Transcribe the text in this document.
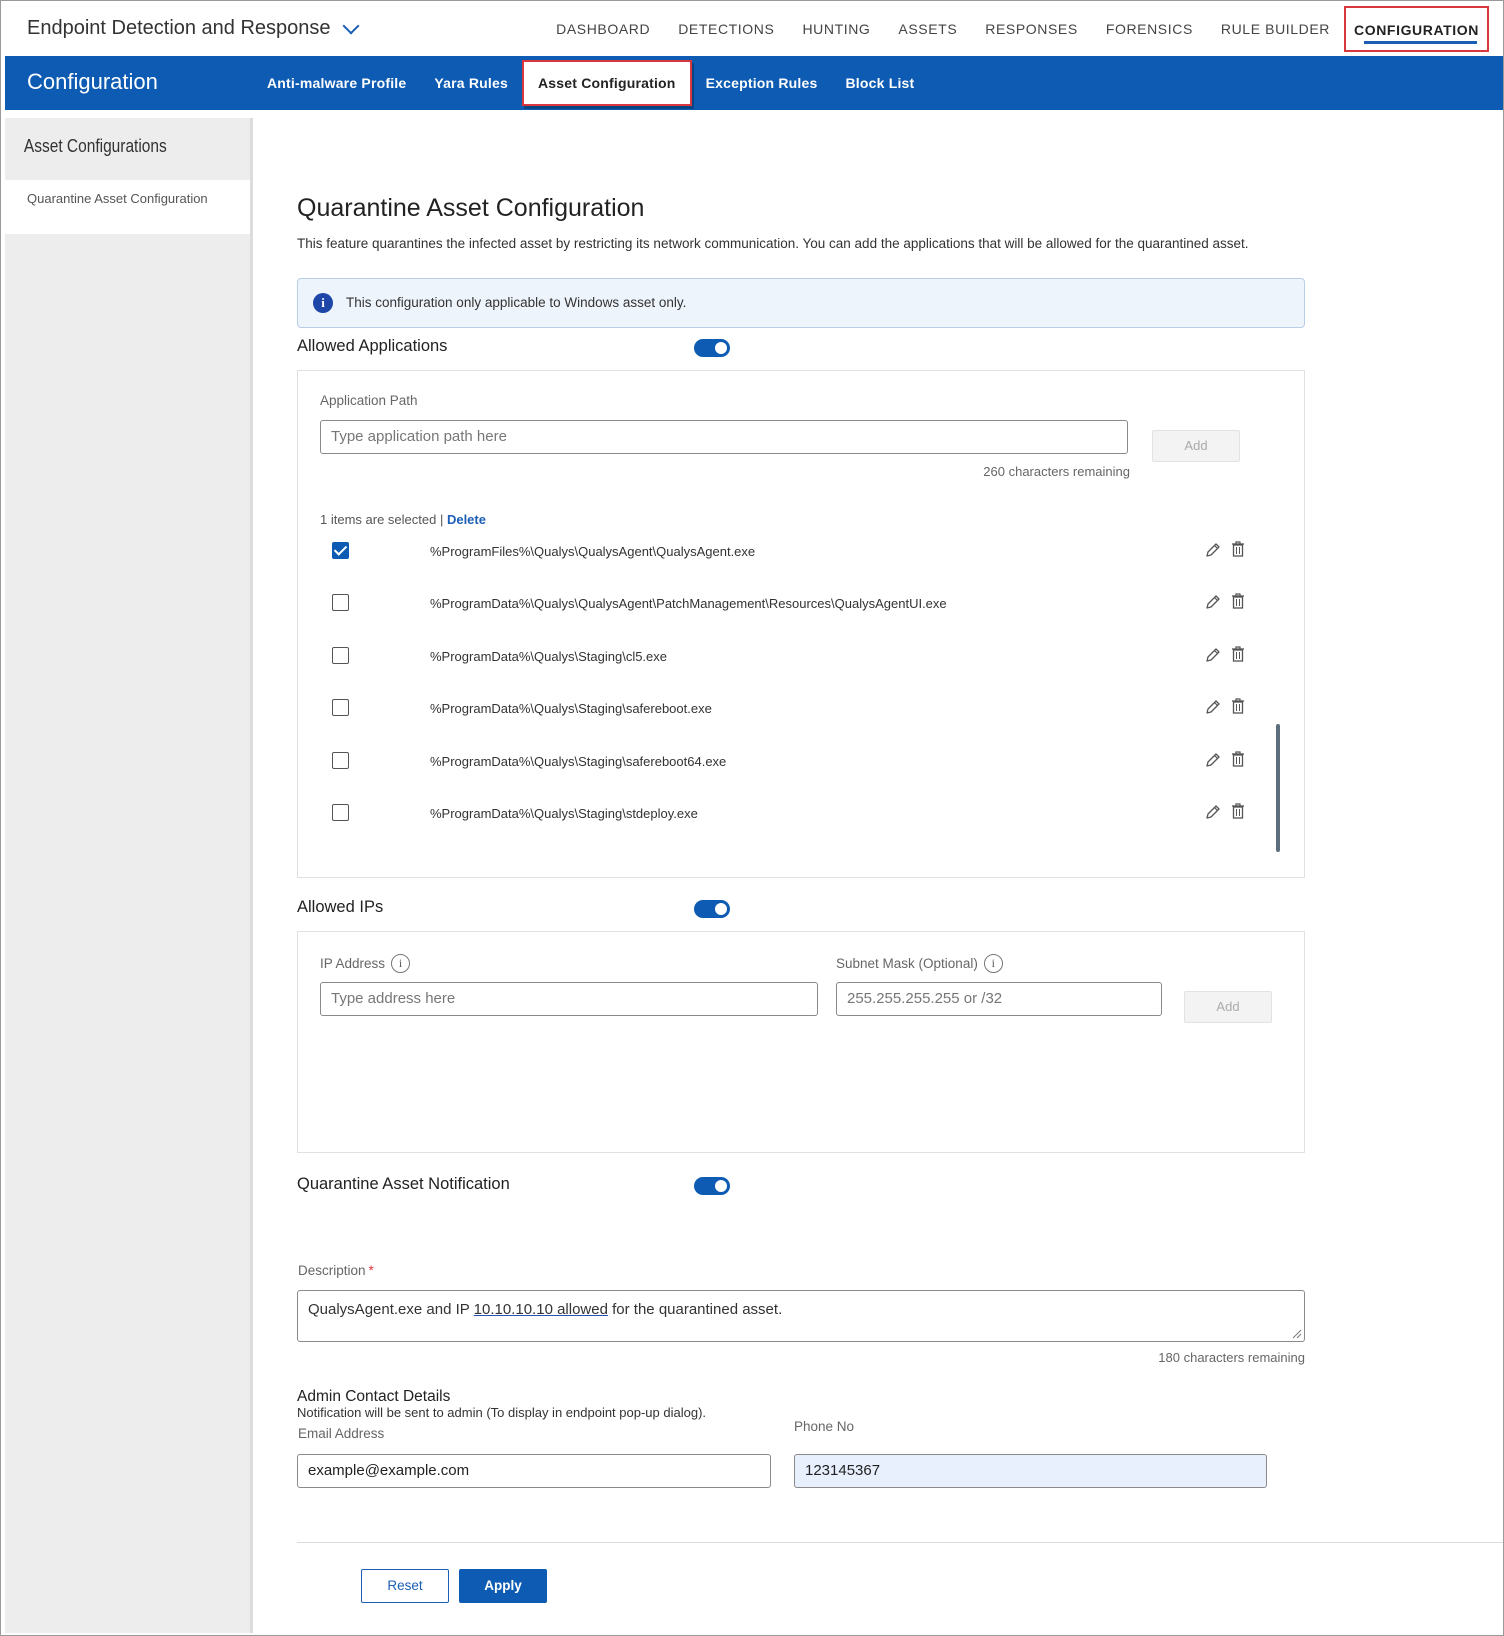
Endpoint Detection and Response	DASHBOARD DETECTIONS HUNTING ASSETS RESPONSES FORENSICS RULE BUILDER	CONFIGURATION
Configuration	Anti-malware Profile Yara Rules	Asset Configuration	Exception Rules Block List
Asset Configurations
Quarantine Asset Configuration	Quarantine Asset Configuration
This feature quarantines the infected asset by restricting its network communication. You can add the applications that will be allowed for the quarantined asset.
i	This configuration only applicable to Windows asset only.
Allowed Applications
Application Path
Type application path here
Add
260 characters remaining
1 items are selected | Delete
%ProgramFiles%\Qualys\QualysAgent\QualysAgent.exe
%ProgramData%\Qualys\QualysAgent\PatchManagement\Resources\QualysAgentUI.exe
%ProgramData%\Qualys\Staging\cl5.exe
%ProgramData%\Qualys\Staging\safereboot.exe
%ProgramData%\Qualys\Staging\safereboot64.exe
%ProgramData%\Qualys\Staging\stdeploy.exe
Allowed IPs
IP Address	i
Type address here
Subnet Mask (Optional)	i
255.255.255.255 or /32	Add
Quarantine Asset Notification
Description *
QualysAgent.exe and IP 10.10.10.10 allowed for the quarantined asset.
180 characters remaining
Admin Contact Details
Notification will be sent to admin (To display in endpoint pop-up dialog).
Email Address
example@example.com
Phone No
123145367
Reset	Apply
